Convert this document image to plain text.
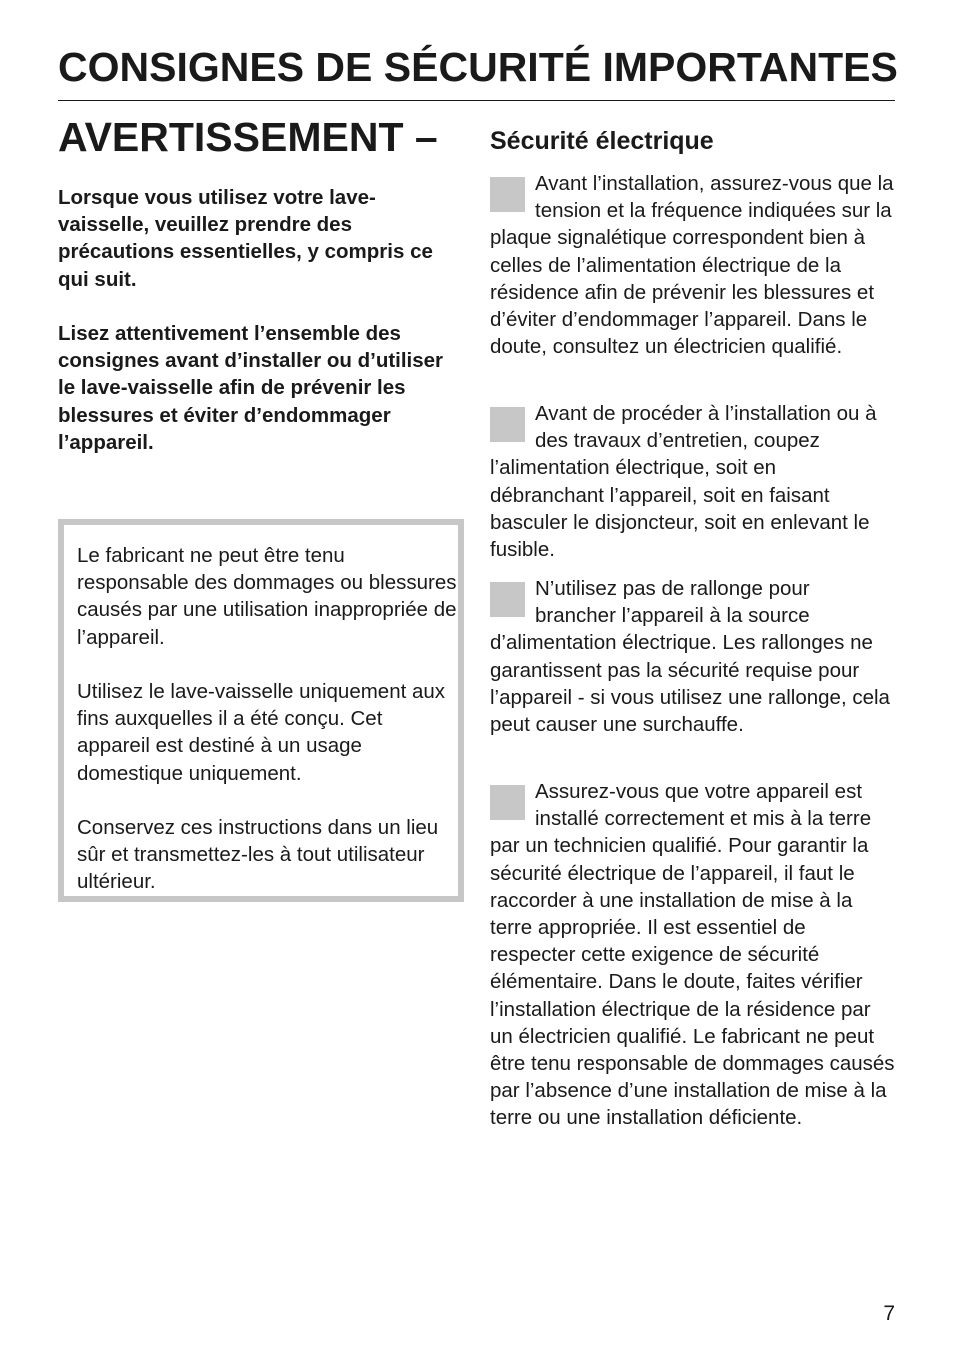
CONSIGNES DE SÉCURITÉ IMPORTANTES
AVERTISSEMENT –

Lorsque vous utilisez votre lave-vaisselle, veuillez prendre des précautions essentielles, y compris ce qui suit.

Lisez attentivement l’ensemble des consignes avant d’installer ou d’utiliser le lave-vaisselle afin de prévenir les blessures et éviter d’endommager l’appareil.

Le fabricant ne peut être tenu responsable des dommages ou blessures causés par une utilisation inappropriée de l’appareil.

Utilisez le lave-vaisselle uniquement aux fins auxquelles il a été conçu. Cet appareil est destiné à un usage domestique uniquement.

Conservez ces instructions dans un lieu sûr et transmettez-les à tout utilisateur ultérieur.

Sécurité électrique

Avant l’installation, assurez-vous que la tension et la fréquence indiquées sur la plaque signalétique correspondent bien à celles de l’alimentation électrique de la résidence afin de prévenir les blessures et d’éviter d’endommager l’appareil. Dans le doute, consultez un électricien qualifié.

Avant de procéder à l’installation ou à des travaux d’entretien, coupez l’alimentation électrique, soit en débranchant l’appareil, soit en faisant basculer le disjoncteur, soit en enlevant le fusible.

N’utilisez pas de rallonge pour brancher l’appareil à la source d’alimentation électrique. Les rallonges ne garantissent pas la sécurité requise pour l’appareil - si vous utilisez une rallonge, cela peut causer une surchauffe.

Assurez-vous que votre appareil est installé correctement et mis à la terre par un technicien qualifié. Pour garantir la sécurité électrique de l’appareil, il faut le raccorder à une installation de mise à la terre appropriée. Il est essentiel de respecter cette exigence de sécurité élémentaire. Dans le doute, faites vérifier l’installation électrique de la résidence par un électricien qualifié. Le fabricant ne peut être tenu responsable de dommages causés par l’absence d’une installation de mise à la terre ou une installation déficiente.

7
